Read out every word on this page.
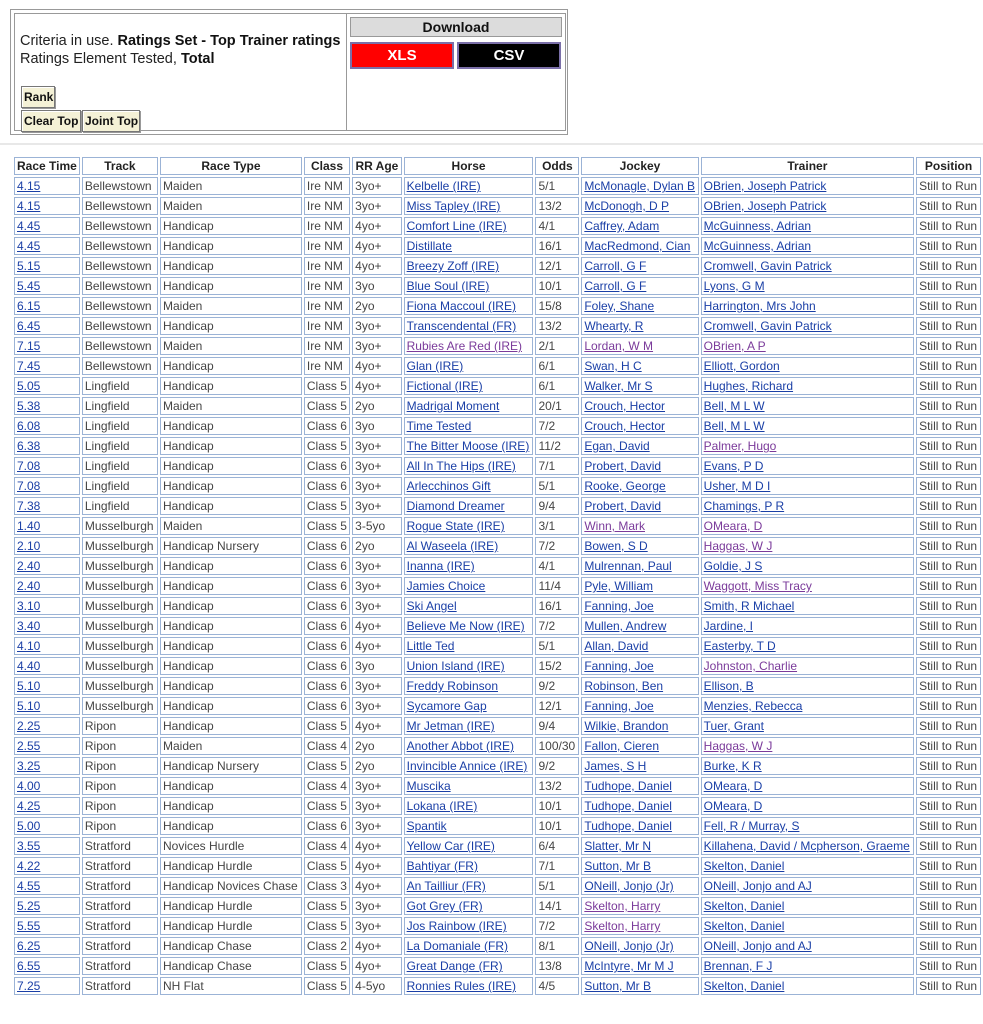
Criteria in use. Ratings Set - Top Trainer ratings
Ratings Element Tested, Total
Rank
Clear Top Joint Top
Download
XLS	CSV
Race Time	Track	Race Type	Class	RR Age	Horse	Odds	Jockey	Trainer	Position
4.15	Bellewstown	Maiden	Ire NM	3yo+	Kelbelle (IRE)	5/1	McMonagle, Dylan B	OBrien, Joseph Patrick	Still to Run
4.15	Bellewstown	Maiden	Ire NM	3yo+	Miss Tapley (IRE)	13/2	McDonogh, D P	OBrien, Joseph Patrick	Still to Run
4.45	Bellewstown	Handicap	Ire NM	4yo+	Comfort Line (IRE)	4/1	Caffrey, Adam	McGuinness, Adrian	Still to Run
4.45	Bellewstown	Handicap	Ire NM	4yo+	Distillate	16/1	MacRedmond, Cian	McGuinness, Adrian	Still to Run
5.15	Bellewstown	Handicap	Ire NM	4yo+	Breezy Zoff (IRE)	12/1	Carroll, G F	Cromwell, Gavin Patrick	Still to Run
5.45	Bellewstown	Handicap	Ire NM	3yo	Blue Soul (IRE)	10/1	Carroll, G F	Lyons, G M	Still to Run
6.15	Bellewstown	Maiden	Ire NM	2yo	Fiona Maccoul (IRE)	15/8	Foley, Shane	Harrington, Mrs John	Still to Run
6.45	Bellewstown	Handicap	Ire NM	3yo+	Transcendental (FR)	13/2	Whearty, R	Cromwell, Gavin Patrick	Still to Run
7.15	Bellewstown	Maiden	Ire NM	3yo+	Rubies Are Red (IRE)	2/1	Lordan, W M	OBrien, A P	Still to Run
7.45	Bellewstown	Handicap	Ire NM	4yo+	Glan (IRE)	6/1	Swan, H C	Elliott, Gordon	Still to Run
5.05	Lingfield	Handicap	Class 5	4yo+	Fictional (IRE)	6/1	Walker, Mr S	Hughes, Richard	Still to Run
5.38	Lingfield	Maiden	Class 5	2yo	Madrigal Moment	20/1	Crouch, Hector	Bell, M L W	Still to Run
6.08	Lingfield	Handicap	Class 6	3yo	Time Tested	7/2	Crouch, Hector	Bell, M L W	Still to Run
6.38	Lingfield	Handicap	Class 5	3yo+	The Bitter Moose (IRE)	11/2	Egan, David	Palmer, Hugo	Still to Run
7.08	Lingfield	Handicap	Class 6	3yo+	All In The Hips (IRE)	7/1	Probert, David	Evans, P D	Still to Run
7.08	Lingfield	Handicap	Class 6	3yo+	Arlecchinos Gift	5/1	Rooke, George	Usher, M D I	Still to Run
7.38	Lingfield	Handicap	Class 5	3yo+	Diamond Dreamer	9/4	Probert, David	Chamings, P R	Still to Run
1.40	Musselburgh	Maiden	Class 5	3-5yo	Rogue State (IRE)	3/1	Winn, Mark	OMeara, D	Still to Run
2.10	Musselburgh	Handicap Nursery	Class 6	2yo	Al Waseela (IRE)	7/2	Bowen, S D	Haggas, W J	Still to Run
2.40	Musselburgh	Handicap	Class 6	3yo+	Inanna (IRE)	4/1	Mulrennan, Paul	Goldie, J S	Still to Run
2.40	Musselburgh	Handicap	Class 6	3yo+	Jamies Choice	11/4	Pyle, William	Waggott, Miss Tracy	Still to Run
3.10	Musselburgh	Handicap	Class 6	3yo+	Ski Angel	16/1	Fanning, Joe	Smith, R Michael	Still to Run
3.40	Musselburgh	Handicap	Class 6	4yo+	Believe Me Now (IRE)	7/2	Mullen, Andrew	Jardine, I	Still to Run
4.10	Musselburgh	Handicap	Class 6	4yo+	Little Ted	5/1	Allan, David	Easterby, T D	Still to Run
4.40	Musselburgh	Handicap	Class 6	3yo	Union Island (IRE)	15/2	Fanning, Joe	Johnston, Charlie	Still to Run
5.10	Musselburgh	Handicap	Class 6	3yo+	Freddy Robinson	9/2	Robinson, Ben	Ellison, B	Still to Run
5.10	Musselburgh	Handicap	Class 6	3yo+	Sycamore Gap	12/1	Fanning, Joe	Menzies, Rebecca	Still to Run
2.25	Ripon	Handicap	Class 5	4yo+	Mr Jetman (IRE)	9/4	Wilkie, Brandon	Tuer, Grant	Still to Run
2.55	Ripon	Maiden	Class 4	2yo	Another Abbot (IRE)	100/30	Fallon, Cieren	Haggas, W J	Still to Run
3.25	Ripon	Handicap Nursery	Class 5	2yo	Invincible Annice (IRE)	9/2	James, S H	Burke, K R	Still to Run
4.00	Ripon	Handicap	Class 4	3yo+	Muscika	13/2	Tudhope, Daniel	OMeara, D	Still to Run
4.25	Ripon	Handicap	Class 5	3yo+	Lokana (IRE)	10/1	Tudhope, Daniel	OMeara, D	Still to Run
5.00	Ripon	Handicap	Class 6	3yo+	Spantik	10/1	Tudhope, Daniel	Fell, R / Murray, S	Still to Run
3.55	Stratford	Novices Hurdle	Class 4	4yo+	Yellow Car (IRE)	6/4	Slatter, Mr N	Killahena, David / Mcpherson, Graeme	Still to Run
4.22	Stratford	Handicap Hurdle	Class 5	4yo+	Bahtiyar (FR)	7/1	Sutton, Mr B	Skelton, Daniel	Still to Run
4.55	Stratford	Handicap Novices Chase	Class 3	4yo+	An Tailliur (FR)	5/1	ONeill, Jonjo (Jr)	ONeill, Jonjo and AJ	Still to Run
5.25	Stratford	Handicap Hurdle	Class 5	3yo+	Got Grey (FR)	14/1	Skelton, Harry	Skelton, Daniel	Still to Run
5.55	Stratford	Handicap Hurdle	Class 5	3yo+	Jos Rainbow (IRE)	7/2	Skelton, Harry	Skelton, Daniel	Still to Run
6.25	Stratford	Handicap Chase	Class 2	4yo+	La Domaniale (FR)	8/1	ONeill, Jonjo (Jr)	ONeill, Jonjo and AJ	Still to Run
6.55	Stratford	Handicap Chase	Class 5	4yo+	Great Dange (FR)	13/8	McIntyre, Mr M J	Brennan, F J	Still to Run
7.25	Stratford	NH Flat	Class 5	4-5yo	Ronnies Rules (IRE)	4/5	Sutton, Mr B	Skelton, Daniel	Still to Run
